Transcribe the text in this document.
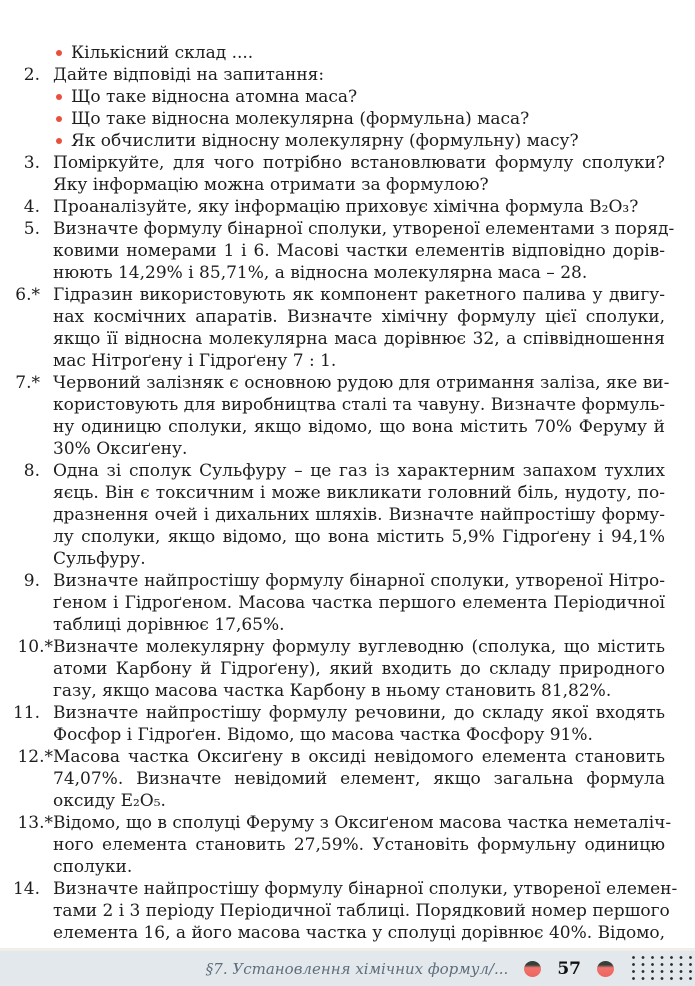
Кількісний склад ....
2. Дайте відповіді на запитання:
Що таке відносна атомна маса?
Що таке відносна молекулярна (формульна) маса?
Як обчислити відносну молекулярну (формульну) масу?
3. Поміркуйте, для чого потрібно встановлювати формулу сполуки?
Яку інформацію можна отримати за формулою?
4. Проаналізуйте, яку інформацію приховує хімічна формула B₂O₃?
5. Визначте формулу бінарної сполуки, утвореної елементами з поряд-
ковими номерами 1 і 6. Масові частки елементів відповідно дорів-
нюють 14,29% і 85,71%, а відносна молекулярна маса – 28.
6.* Гідразин використовують як компонент ракетного палива у двигу-
нах космічних апаратів. Визначте хімічну формулу цієї сполуки,
якщо її відносна молекулярна маса дорівнює 32, а співвідношення
мас Нітроґену і Гідроґену 7 : 1.
7.* Червоний залізняк є основною рудою для отримання заліза, яке ви-
користовують для виробництва сталі та чавуну. Визначте формуль-
ну одиницю сполуки, якщо відомо, що вона містить 70% Феруму й
30% Оксиґену.
8. Одна зі сполук Сульфуру – це газ із характерним запахом тухлих
яєць. Він є токсичним і може викликати головний біль, нудоту, по-
дразнення очей і дихальних шляхів. Визначте найпростішу форму-
лу сполуки, якщо відомо, що вона містить 5,9% Гідроґену і 94,1%
Сульфуру.
9. Визначте найпростішу формулу бінарної сполуки, утвореної Нітро-
ґеном і Гідроґеном. Масова частка першого елемента Періодичної
таблиці дорівнює 17,65%.
10.* Визначте молекулярну формулу вуглеводню (сполука, що містить
атоми Карбону й Гідроґену), який входить до складу природного
газу, якщо масова частка Карбону в ньому становить 81,82%.
11. Визначте найпростішу формулу речовини, до складу якої входять
Фосфор і Гідроґен. Відомо, що масова частка Фосфору 91%.
12.* Масова частка Оксиґену в оксиді невідомого елемента становить
74,07%. Визначте невідомий елемент, якщо загальна формула
оксиду E₂O₅.
13.* Відомо, що в сполуці Феруму з Оксиґеном масова частка неметаліч-
ного елемента становить 27,59%. Установіть формульну одиницю
сполуки.
14. Визначте найпростішу формулу бінарної сполуки, утвореної елемен-
тами 2 і 3 періоду Періодичної таблиці. Порядковий номер першого
елемента 16, а його масова частка у сполуці дорівнює 40%. Відомо,
§7. Установлення хімічних формул/...	57
